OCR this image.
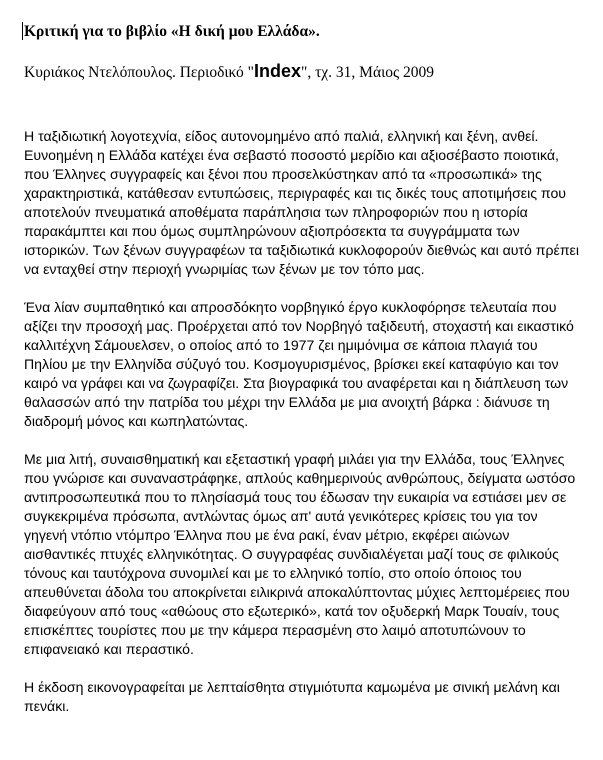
Κριτική για το βιβλίο «Η δική μου Ελλάδα».

Κυριάκος Ντελόπουλος. Περιοδικό "Index", τχ. 31, Μάιος 2009

Η ταξιδιωτική λογοτεχνία, είδος αυτονομημένο από παλιά, ελληνική και ξένη, ανθεί. Ευνοημένη η Ελλάδα κατέχει ένα σεβαστό ποσοστό μερίδιο και αξιοσέβαστο ποιοτικά, που Έλληνες συγγραφείς και ξένοι που προσελκύστηκαν από τα «προσωπικά» της χαρακτηριστικά, κατάθεσαν εντυπώσεις, περιγραφές και τις δικές τους αποτιμήσεις που αποτελούν πνευματικά αποθέματα παράπλησια των πληροφοριών που η ιστορία παρακάμπτει και που όμως συμπληρώνουν αξιοπρόσεκτα τα συγγράμματα των ιστορικών. Των ξένων συγγραφέων τα ταξιδιωτικά κυκλοφορούν διεθνώς και αυτό πρέπει να ενταχθεί στην περιοχή γνωριμίας των ξένων με τον τόπο μας.

Ένα λίαν συμπαθητικό και απροσδόκητο νορβηγικό έργο κυκλοφόρησε τελευταία που αξίζει την προσοχή μας. Προέρχεται από τον Νορβηγό ταξιδευτή, στοχαστή και εικαστικό καλλιτέχνη Σάμουελσεν, ο οποίος από το 1977 ζει ημιμόνιμα σε κάποια πλαγιά του Πηλίου με την Ελληνίδα σύζυγό του. Κοσμογυρισμένος, βρίσκει εκεί καταφύγιο και τον καιρό να γράφει και να ζωγραφίζει. Στα βιογραφικά του αναφέρεται και η διάπλευση των θαλασσών από την πατρίδα του μέχρι την Ελλάδα με μια ανοιχτή βάρκα : διάνυσε τη διαδρομή μόνος και κωπηλατώντας.

Με μια λιτή, συναισθηματική και εξεταστική γραφή μιλάει για την Ελλάδα, τους Έλληνες που γνώρισε και συναναστράφηκε, απλούς καθημερινούς ανθρώπους, δείγματα ωστόσο αντιπροσωπευτικά που το πλησίασμά τους του έδωσαν την ευκαιρία να εστιάσει μεν σε συγκεκριμένα πρόσωπα, αντλώντας όμως απ' αυτά γενικότερες κρίσεις του για τον γηγενή ντόπιο ντόμπρο Έλληνα που με ένα ρακί, έναν μέτριο, εκφέρει αιώνων αισθαντικές πτυχές ελληνικότητας. Ο συγγραφέας συνδιαλέγεται μαζί τους σε φιλικούς τόνους και ταυτόχρονα συνομιλεί και με το ελληνικό τοπίο, στο οποίο όποιος του απευθύνεται άδολα του αποκρίνεται ειλικρινά αποκαλύπτοντας μύχιες λεπτομέρειες που διαφεύγουν από τους «αθώους στο εξωτερικό», κατά τον οξυδερκή Μαρκ Τουαίν, τους επισκέπτες τουρίστες που με την κάμερα περασμένη στο λαιμό αποτυπώνουν το επιφανειακό και περαστικό.

Η έκδοση εικονογραφείται με λεπταίσθητα στιγμιότυπα καμωμένα με σινική μελάνη και πενάκι.
